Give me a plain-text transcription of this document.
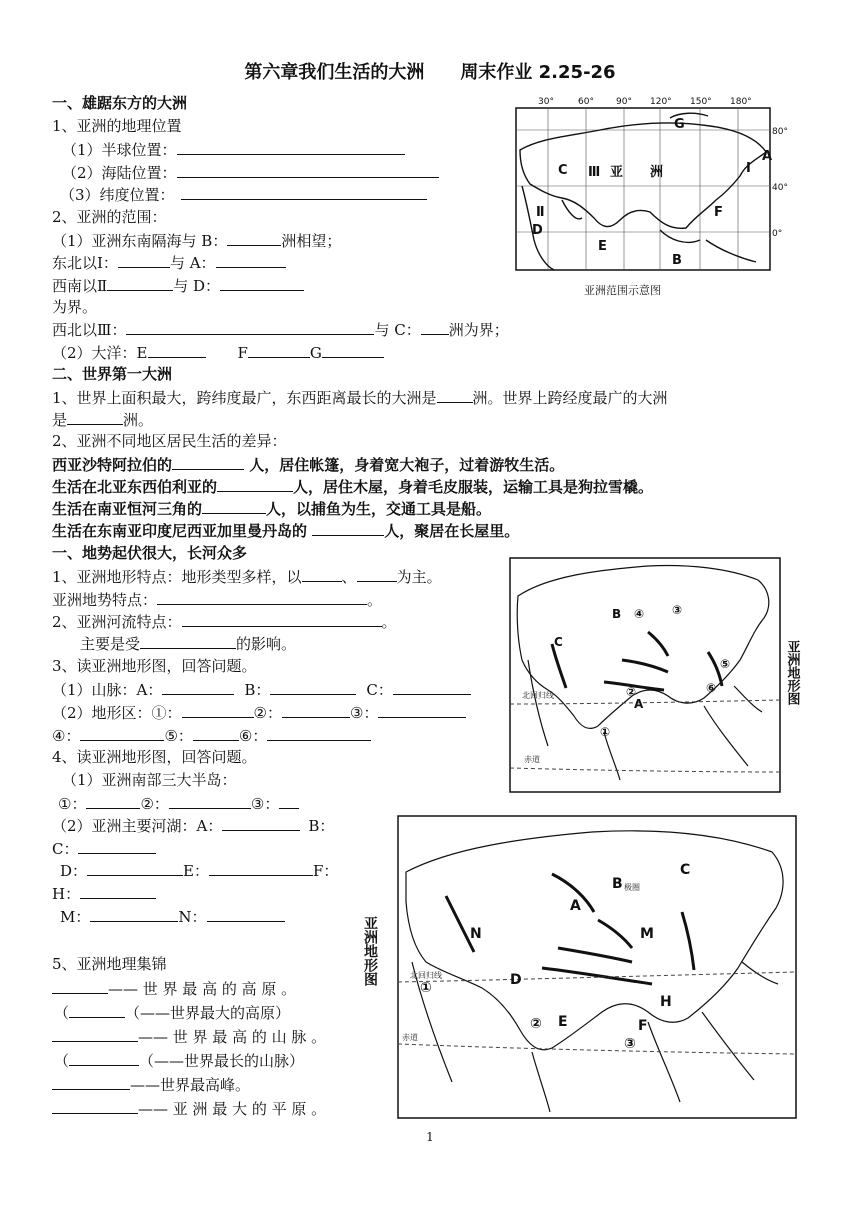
第六章我们生活的大洲　　周末作业 2.25-26
一、雄踞东方的大洲
1、亚洲的地理位置
（1）半球位置：
（2）海陆位置：
（3）纬度位置：
2、亚洲的范围：
（1）亚洲东南隔海与 B：	洲相望；
东北以Ⅰ：	与 A：
西南以Ⅱ	与 D：
为界。
西北以Ⅲ：	与 C： 洲为界；
（2）大洋：E	F	G
二、世界第一大洲
1、世界上面积最大，跨纬度最广，东西距离最长的大洲是 洲。世界上跨经度最广的大洲
是	洲。
2、亚洲不同地区居民生活的差异：
西亚沙特阿拉伯的	人，居住帐篷，身着宽大袍子，过着游牧生活。
生活在北亚东西伯利亚的	人，居住木屋，身着毛皮服装，运输工具是狗拉雪橇。
生活在南亚恒河三角的	人，以捕鱼为生，交通工具是船。
生活在东南亚印度尼西亚加里曼丹岛的	人，聚居在长屋里。
一、地势起伏很大，长河众多
1、亚洲地形特点：地形类型多样，以	、	为主。
亚洲地势特点：	。
2、亚洲河流特点：	。
主要是受	的影响。
3、读亚洲地形图，回答问题。
（1）山脉：A：	B：	C：
（2）地形区：①：	②：	③：
④：	⑤：	⑥：
4、读亚洲地形图，回答问题。
（1）亚洲南部三大半岛：
①：	②：	③：
（2）亚洲主要河湖：A：	B：
C：
D：	E：	F：
H：
M：	N：
5、亚洲地理集锦
—— 世 界 最 高 的 高 原 。
（	（——世界最大的高原）
—— 世 界 最 高 的 山 脉 。
（	（——世界最长的山脉）
——世界最高峰。
—— 亚 洲 最 大 的 平 原 。
30°	60° 90° 120° 150° 180°
80°
40°
0°
G
A
I
C Ⅲ 亚 洲
Ⅱ
D
F
E
B
亚洲范围示意图
北回归线
赤道
B ④ ③
C
⑤
②	⑥
A
①
亚洲地形图
北回归线
赤道
极圈
B
C
A
N	M
D
①
H
E
②	F
③
亚洲地形图
1
